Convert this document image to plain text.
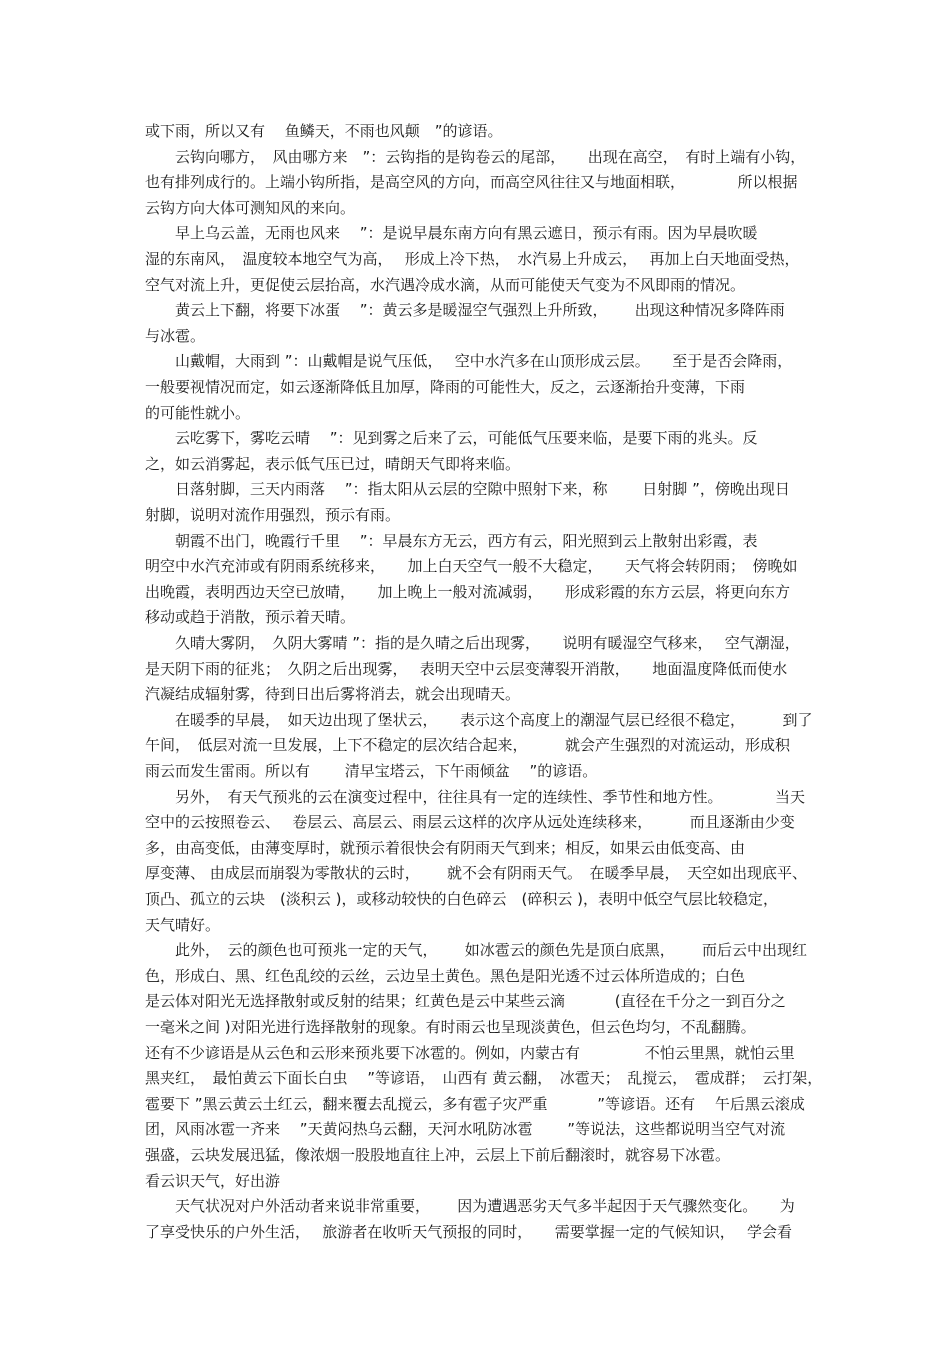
或下雨，所以又有　 鱼鳞天，不雨也风颠　”的谚语。
　　云钩向哪方，　风由哪方来　”：云钩指的是钩卷云的尾部，　　出现在高空，　有时上端有小钩，
也有排列成行的。上端小钩所指，是高空风的方向，而高空风往往又与地面相联，　　　　所以根据
云钩方向大体可测知风的来向。
　　早上乌云盖，无雨也风来　 ”：是说早晨东南方向有黑云遮日，预示有雨。因为早晨吹暖
湿的东南风，　温度较本地空气为高，　 形成上冷下热，　水汽易上升成云，　 再加上白天地面受热，
空气对流上升，更促使云层抬高，水汽遇冷成水滴，从而可能使天气变为不风即雨的情况。
　　黄云上下翻，将要下冰蛋　 ”：黄云多是暖湿空气强烈上升所致，　　 出现这种情况多降阵雨
与冰雹。
　　山戴帽，大雨到 ”：山戴帽是说气压低，　 空中水汽多在山顶形成云层。　　至于是否会降雨，
一般要视情况而定，如云逐渐降低且加厚，降雨的可能性大，反之，云逐渐抬升变薄，下雨
的可能性就小。
　　云吃雾下，雾吃云晴　 ”：见到雾之后来了云，可能低气压要来临，是要下雨的兆头。反
之，如云消雾起，表示低气压已过，晴朗天气即将来临。
　　日落射脚，三天内雨落　 ”：指太阳从云层的空隙中照射下来，称　　 日射脚 ”，傍晚出现日
射脚，说明对流作用强烈，预示有雨。
　　朝霞不出门，晚霞行千里　 ”：早晨东方无云，西方有云，阳光照到云上散射出彩霞，表
明空中水汽充沛或有阴雨系统移来，　　加上白天空气一般不大稳定，　　天气将会转阴雨；　傍晚如
出晚霞，表明西边天空已放晴，　　加上晚上一般对流减弱，　　形成彩霞的东方云层，将更向东方
移动或趋于消散，预示着天晴。
　　久晴大雾阴，　久阴大雾晴 ”：指的是久晴之后出现雾，　　说明有暖湿空气移来，　 空气潮湿，
是天阴下雨的征兆；　久阴之后出现雾，　 表明天空中云层变薄裂开消散，　　地面温度降低而使水
汽凝结成辐射雾，待到日出后雾将消去，就会出现晴天。
　　在暖季的早晨，　如天边出现了堡状云，　　表示这个高度上的潮湿气层已经很不稳定，　　　到了
午间，　低层对流一旦发展，上下不稳定的层次结合起来，　　　就会产生强烈的对流运动，形成积
雨云而发生雷雨。所以有　　 清早宝塔云，下午雨倾盆　 ”的谚语。
　　另外，　有天气预兆的云在演变过程中，往往具有一定的连续性、季节性和地方性。　　　　当天
空中的云按照卷云、　 卷层云、高层云、雨层云这样的次序从远处连续移来，　　　而且逐渐由少变
多，由高变低，由薄变厚时，就预示着很快会有阴雨天气到来；相反，如果云由低变高、由
厚变薄、 由成层而崩裂为零散状的云时，　　 就不会有阴雨天气。　在暖季早晨，　天空如出现底平、
顶凸、孤立的云块　(淡积云 )，或移动较快的白色碎云　(碎积云 )，表明中低空气层比较稳定，
天气晴好。
　　此外，　云的颜色也可预兆一定的天气，　　 如冰雹云的颜色先是顶白底黑，　　 而后云中出现红
色，形成白、黑、红色乱绞的云丝，云边呈土黄色。黑色是阳光透不过云体所造成的；白色
是云体对阳光无选择散射或反射的结果；红黄色是云中某些云滴　　　 (直径在千分之一到百分之
一毫米之间 )对阳光进行选择散射的现象。有时雨云也呈现淡黄色，但云色均匀，不乱翻腾。
还有不少谚语是从云色和云形来预兆要下冰雹的。例如，内蒙古有　　　　 不怕云里黑，就怕云里
黑夹红，　最怕黄云下面长白虫　 ”等谚语，　山西有 黄云翻，　冰雹天；　乱搅云，　雹成群；　云打架，
雹要下 ”黑云黄云土红云，翻来覆去乱搅云，多有雹子灾严重　　　 ”等谚语。还有　 午后黑云滚成
团，风雨冰雹一齐来　 ”天黄闷热乌云翻，天河水吼防冰雹　　 ”等说法，这些都说明当空气对流
强盛，云块发展迅猛，像浓烟一股股地直往上冲，云层上下前后翻滚时，就容易下冰雹。
看云识天气，好出游
　　天气状况对户外活动者来说非常重要，　　 因为遭遇恶劣天气多半起因于天气骤然变化。　　为
了享受快乐的户外生活，　 旅游者在收听天气预报的同时，　　需要掌握一定的气候知识，　 学会看
